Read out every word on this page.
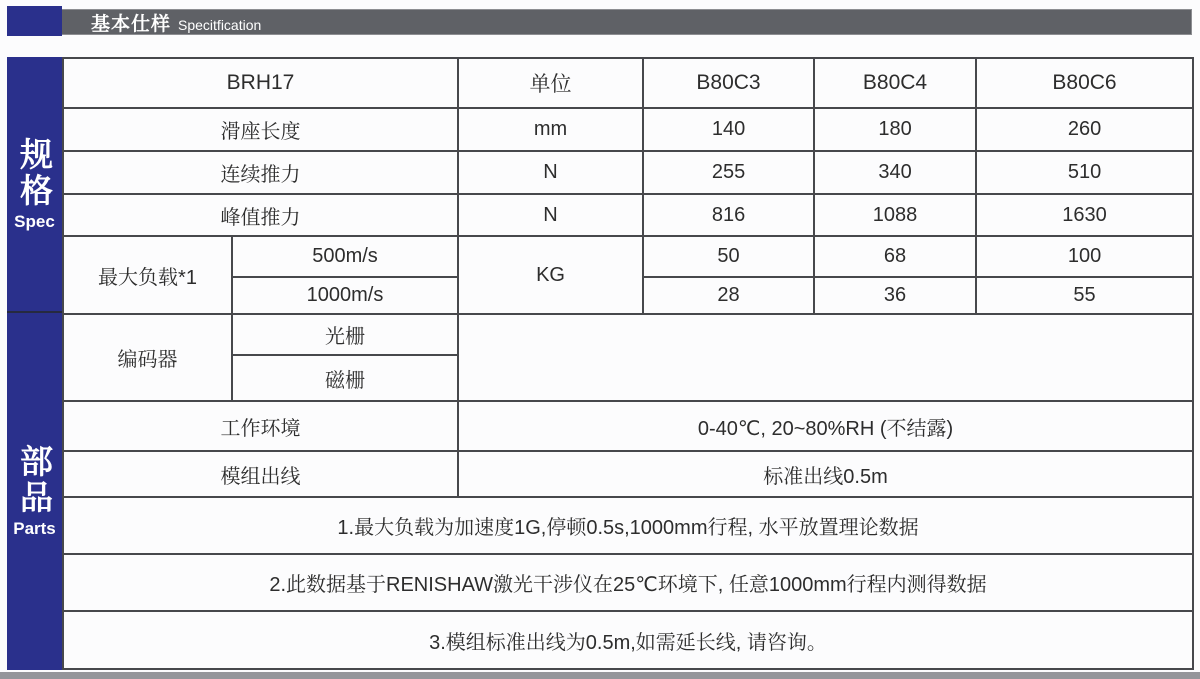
基本仕样 Specitfication
规格
Spec
部品
Parts
BRH17		单位	B80C3	B80C4	B80C6
滑座长度		mm	140	180	260
连续推力		N	255	340	510
峰值推力		N	816	1088	1630
最大负载*1	500m/s	KG	50	68	100
	1000m/s		28	36	55
编码器	光栅				
	磁栅				
工作环境		0-40℃, 20~80%RH (不结露)			
模组出线		标准出线0.5m			
1.最大负载为加速度1G,停顿0.5s,1000mm行程, 水平放置理论数据					
2.此数据基于RENISHAW激光干涉仪在25℃环境下, 任意1000mm行程内测得数据					
3.模组标准出线为0.5m,如需延长线, 请咨询。					
